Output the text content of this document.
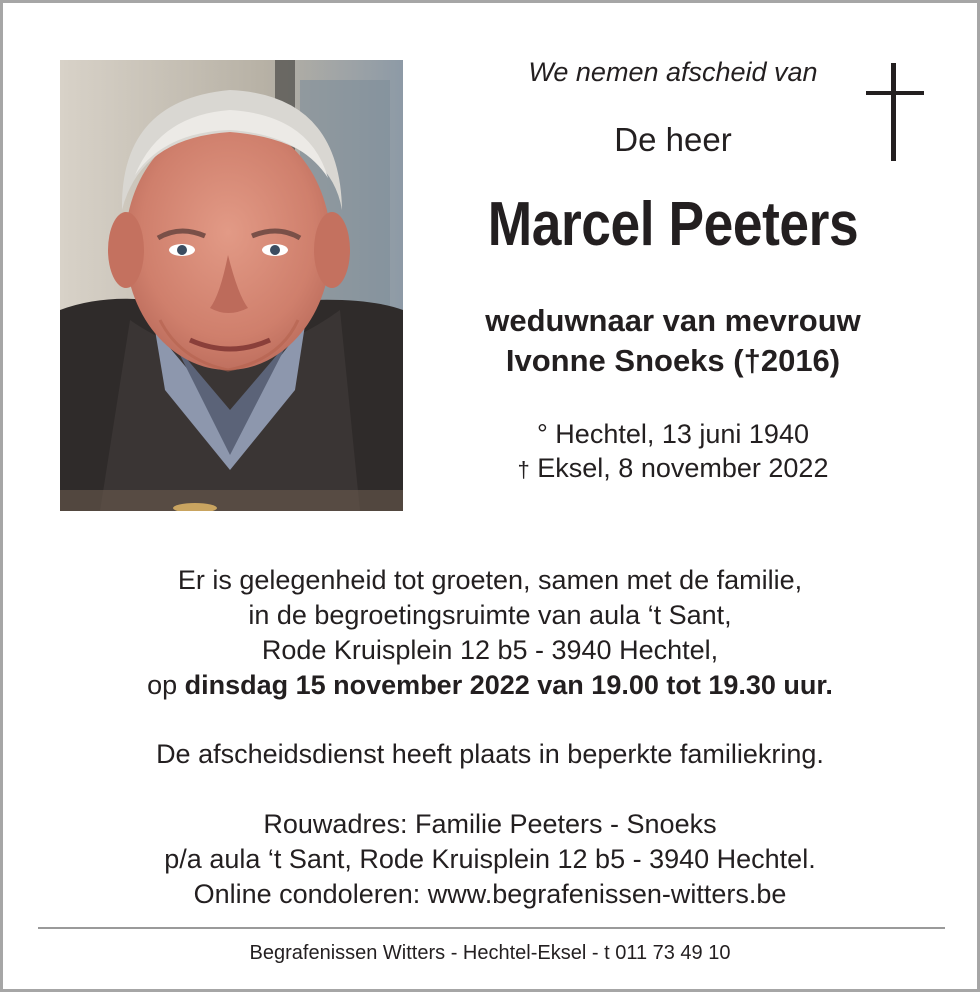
We nemen afscheid van
De heer
Marcel Peeters
weduwnaar van mevrouw
Ivonne Snoeks (†2016)
° Hechtel, 13 juni 1940
† Eksel, 8 november 2022
Er is gelegenheid tot groeten, samen met de familie,
in de begroetingsruimte van aula ‘t Sant,
Rode Kruisplein 12 b5 - 3940 Hechtel,
op dinsdag 15 november 2022 van 19.00 tot 19.30 uur.
De afscheidsdienst heeft plaats in beperkte familiekring.
Rouwadres: Familie Peeters - Snoeks
p/a aula ‘t Sant, Rode Kruisplein 12 b5 - 3940 Hechtel.
Online condoleren: www.begrafenissen-witters.be
Begrafenissen Witters - Hechtel-Eksel - t 011 73 49 10
